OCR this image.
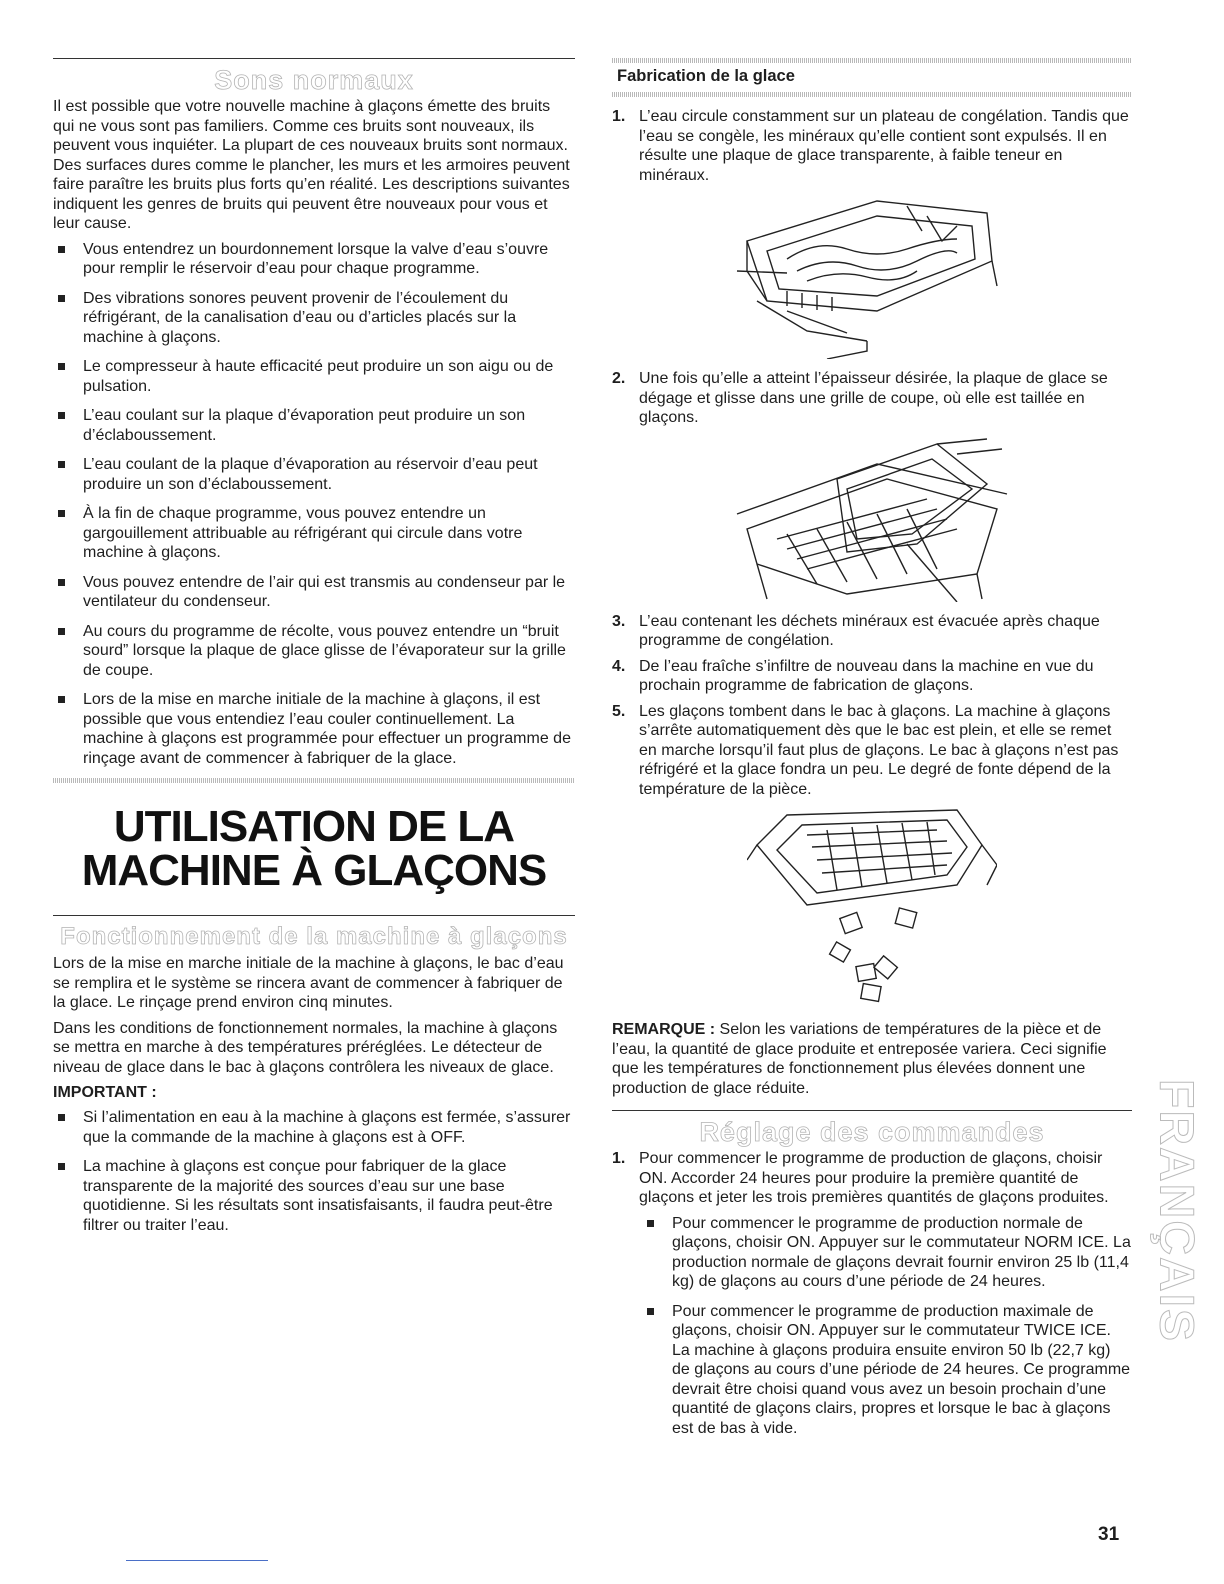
Sons normaux

Il est possible que votre nouvelle machine à glaçons émette des bruits qui ne vous sont pas familiers. Comme ces bruits sont nouveaux, ils peuvent vous inquiéter. La plupart de ces nouveaux bruits sont normaux. Des surfaces dures comme le plancher, les murs et les armoires peuvent faire paraître les bruits plus forts qu’en réalité. Les descriptions suivantes indiquent les genres de bruits qui peuvent être nouveaux pour vous et leur cause.

Vous entendrez un bourdonnement lorsque la valve d’eau s’ouvre pour remplir le réservoir d’eau pour chaque programme.
Des vibrations sonores peuvent provenir de l’écoulement du réfrigérant, de la canalisation d’eau ou d’articles placés sur la machine à glaçons.
Le compresseur à haute efficacité peut produire un son aigu ou de pulsation.
L’eau coulant sur la plaque d’évaporation peut produire un son d’éclaboussement.
L’eau coulant de la plaque d’évaporation au réservoir d’eau peut produire un son d’éclaboussement.
À la fin de chaque programme, vous pouvez entendre un gargouillement attribuable au réfrigérant qui circule dans votre machine à glaçons.
Vous pouvez entendre de l’air qui est transmis au condenseur par le ventilateur du condenseur.
Au cours du programme de récolte, vous pouvez entendre un “bruit sourd” lorsque la plaque de glace glisse de l’évaporateur sur la grille de coupe.
Lors de la mise en marche initiale de la machine à glaçons, il est possible que vous entendiez l’eau couler continuellement. La machine à glaçons est programmée pour effectuer un programme de rinçage avant de commencer à fabriquer de la glace.
UTILISATION DE LA
MACHINE À GLAÇONS
Fonctionnement de la machine à glaçons

Lors de la mise en marche initiale de la machine à glaçons, le bac d’eau se remplira et le système se rincera avant de commencer à fabriquer de la glace. Le rinçage prend environ cinq minutes.

Dans les conditions de fonctionnement normales, la machine à glaçons se mettra en marche à des températures préréglées. Le détecteur de niveau de glace dans le bac à glaçons contrôlera les niveaux de glace.

IMPORTANT :
Si l’alimentation en eau à la machine à glaçons est fermée, s’assurer que la commande de la machine à glaçons est à OFF.
La machine à glaçons est conçue pour fabriquer de la glace transparente de la majorité des sources d’eau sur une base quotidienne. Si les résultats sont insatisfaisants, il faudra peut-être filtrer ou traiter l’eau.
Fabrication de la glace
1. L’eau circule constamment sur un plateau de congélation. Tandis que l’eau se congèle, les minéraux qu’elle contient sont expulsés. Il en résulte une plaque de glace transparente, à faible teneur en minéraux.
2. Une fois qu’elle a atteint l’épaisseur désirée, la plaque de glace se dégage et glisse dans une grille de coupe, où elle est taillée en glaçons.
3. L’eau contenant les déchets minéraux est évacuée après chaque programme de congélation.
4. De l’eau fraîche s’infiltre de nouveau dans la machine en vue du prochain programme de fabrication de glaçons.
5. Les glaçons tombent dans le bac à glaçons. La machine à glaçons s’arrête automatiquement dès que le bac est plein, et elle se remet en marche lorsqu’il faut plus de glaçons. Le bac à glaçons n’est pas réfrigéré et la glace fondra un peu. Le degré de fonte dépend de la température de la pièce.

REMARQUE : Selon les variations de températures de la pièce et de l’eau, la quantité de glace produite et entreposée variera. Ceci signifie que les températures de fonctionnement plus élevées donnent une production de glace réduite.

Réglage des commandes
1. Pour commencer le programme de production de glaçons, choisir ON. Accorder 24 heures pour produire la première quantité de glaçons et jeter les trois premières quantités de glaçons produites.
Pour commencer le programme de production normale de glaçons, choisir ON. Appuyer sur le commutateur NORM ICE. La production normale de glaçons devrait fournir environ 25 lb (11,4 kg) de glaçons au cours d’une période de 24 heures.
Pour commencer le programme de production maximale de glaçons, choisir ON. Appuyer sur le commutateur TWICE ICE. La machine à glaçons produira ensuite environ 50 lb (22,7 kg) de glaçons au cours d’une période de 24 heures. Ce programme devrait être choisi quand vous avez un besoin prochain d’une quantité de glaçons clairs, propres et lorsque le bac à glaçons est de bas à vide.
FRANÇAIS
31
